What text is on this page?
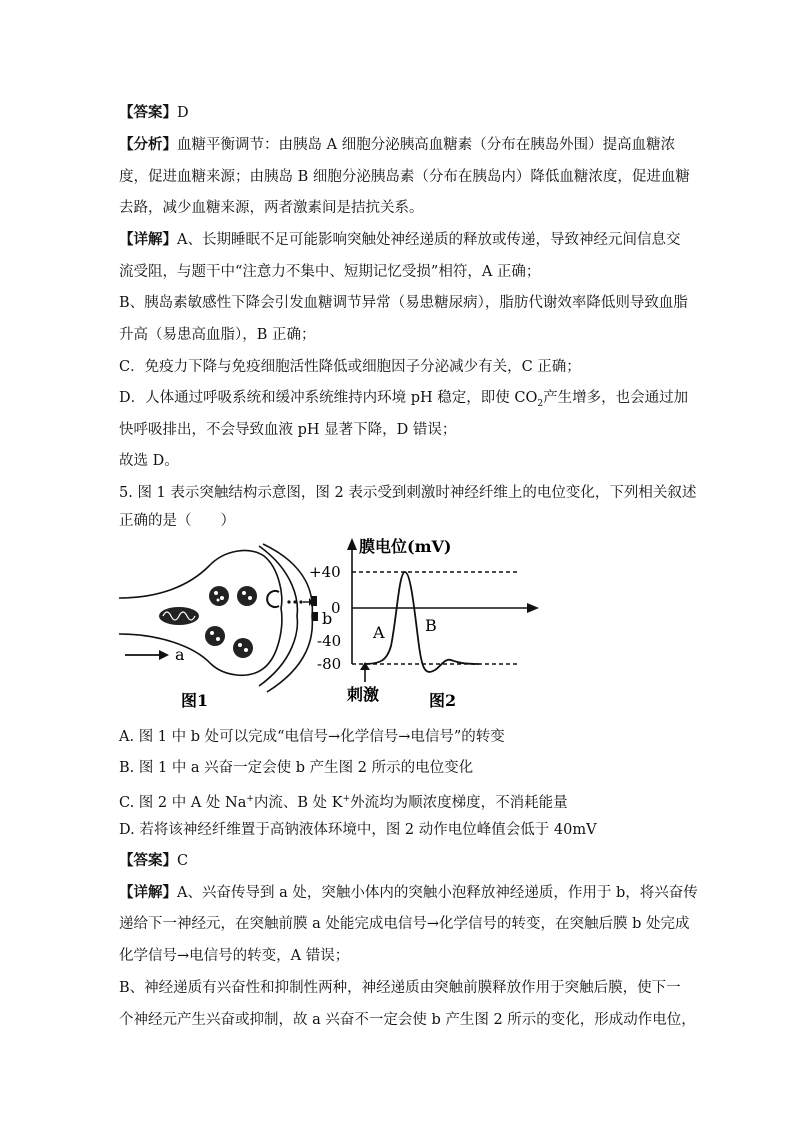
【答案】D
【分析】血糖平衡调节：由胰岛 A 细胞分泌胰高血糖素（分布在胰岛外围）提高血糖浓
度，促进血糖来源；由胰岛 B 细胞分泌胰岛素（分布在胰岛内）降低血糖浓度，促进血糖
去路，减少血糖来源，两者激素间是拮抗关系。
【详解】A、长期睡眠不足可能影响突触处神经递质的释放或传递，导致神经元间信息交
流受阻，与题干中“注意力不集中、短期记忆受损”相符，A 正确；
B、胰岛素敏感性下降会引发血糖调节异常（易患糖尿病），脂肪代谢效率降低则导致血脂
升高（易患高血脂），B 正确；
C．免疫力下降与免疫细胞活性降低或细胞因子分泌减少有关，C 正确；
D．人体通过呼吸系统和缓冲系统维持内环境 pH 稳定，即使 $CO_2$产生增多，也会通过加
快呼吸排出，不会导致血液 pH 显著下降，D 错误；
故选 D。
5. 图 1 表示突触结构示意图，图 2 表示受到刺激时神经纤维上的电位变化，下列相关叙述
正确的是（　　）
b
a
图1
+40
0
-40
-80
膜电位(mV)
A	B
刺激	图2
A. 图 1 中 b 处可以完成“电信号→化学信号→电信号”的转变
B. 图 1 中 a 兴奋一定会使 b 产生图 2 所示的电位变化
C. 图 2 中 A 处 Na+内流、B 处 K+外流均为顺浓度梯度，不消耗能量
D. 若将该神经纤维置于高钠液体环境中，图 2 动作电位峰值会低于 40mV
【答案】C
【详解】A、兴奋传导到 a 处，突触小体内的突触小泡释放神经递质，作用于 b，将兴奋传
递给下一神经元，在突触前膜 a 处能完成电信号→化学信号的转变，在突触后膜 b 处完成
化学信号→电信号的转变，A 错误；
B、神经递质有兴奋性和抑制性两种，神经递质由突触前膜释放作用于突触后膜，使下一
个神经元产生兴奋或抑制，故 a 兴奋不一定会使 b 产生图 2 所示的变化，形成动作电位，
